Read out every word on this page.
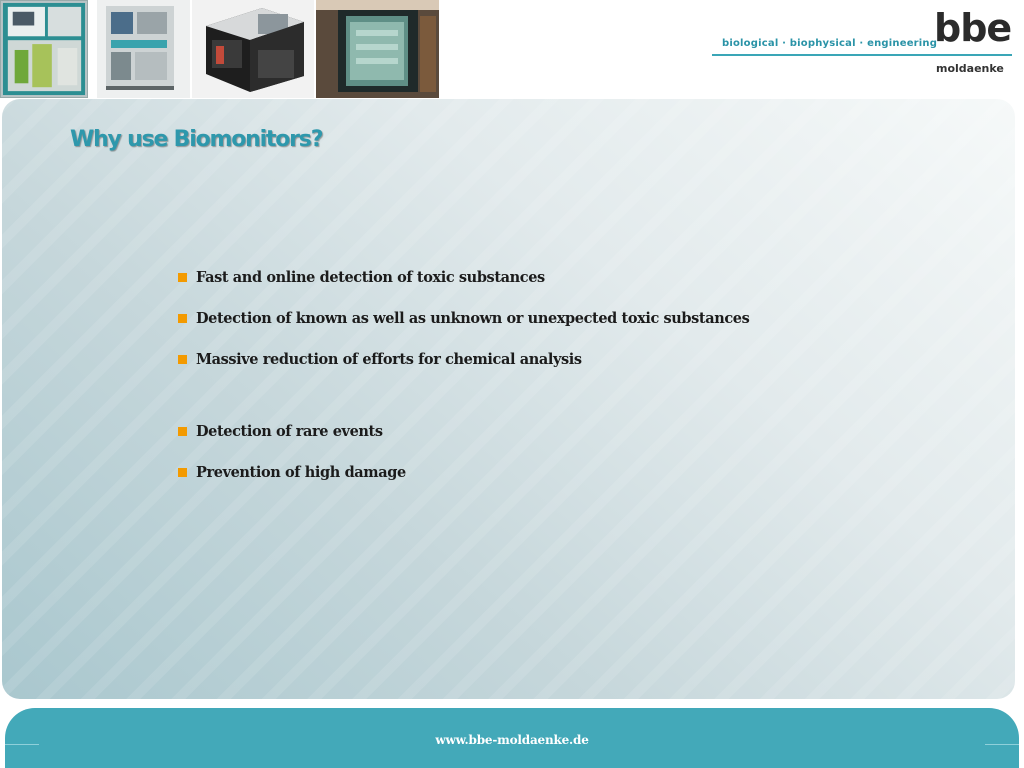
biological · biophysical · engineering
bbe
moldaenke
Why use Biomonitors?
Fast and online detection of toxic substances
Detection of known as well as unknown or unexpected toxic substances
Massive reduction of efforts for chemical analysis
Detection of rare events
Prevention of high damage
www.bbe-moldaenke.de
